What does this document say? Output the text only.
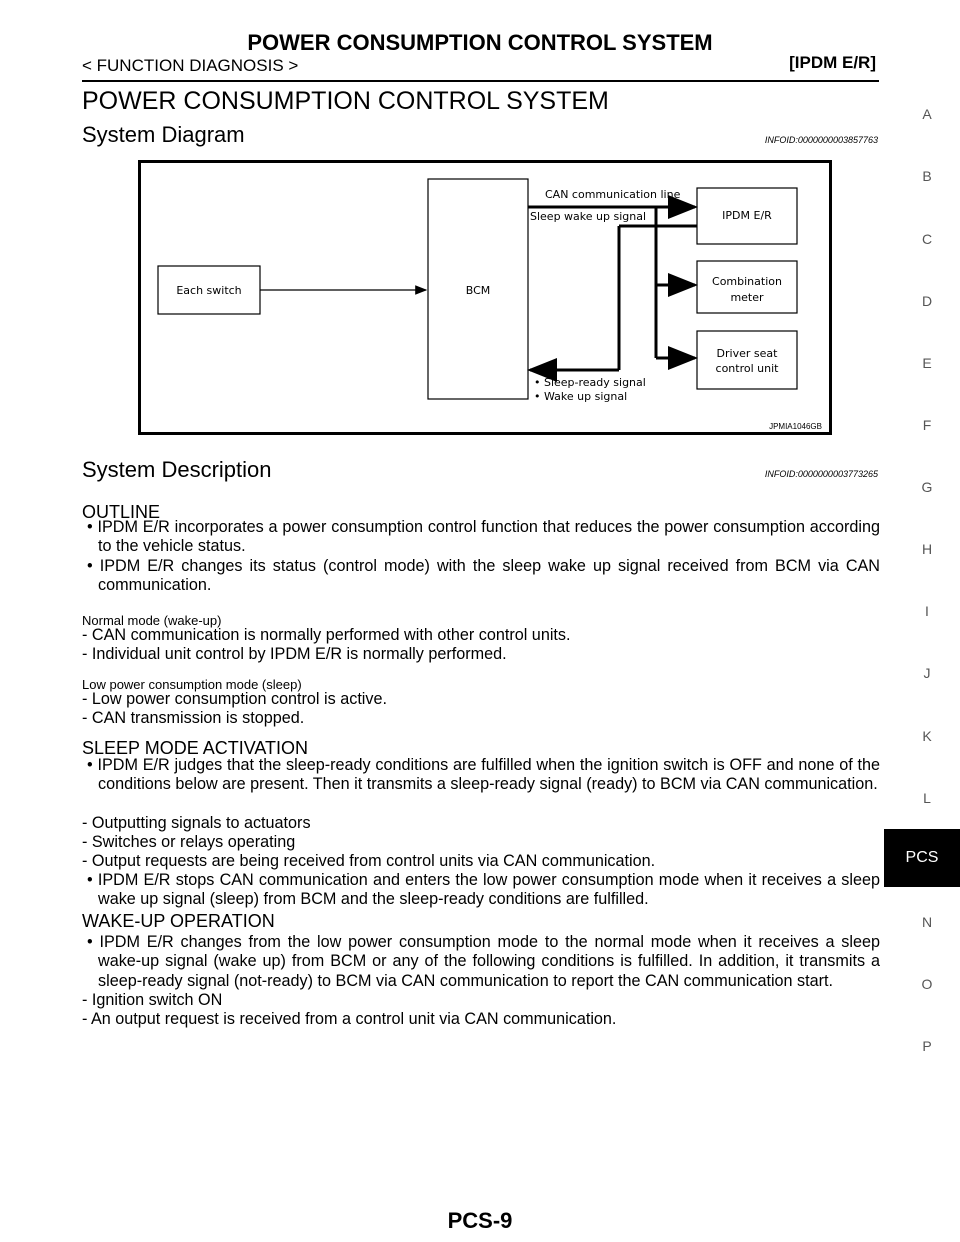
POWER CONSUMPTION CONTROL SYSTEM
< FUNCTION DIAGNOSIS >	[IPDM E/R]
POWER CONSUMPTION CONTROL SYSTEM
System Diagram	INFOID:0000000003857763
Each switch	BCM
CAN communication line
Sleep wake up signal	IPDM E/R
Combination
meter
Driver seat
control unit
• Sleep-ready signal
• Wake up signal
JPMIA1046GB
System Description	INFOID:0000000003773265
OUTLINE
• IPDM E/R incorporates a power consumption control function that reduces the power consumption according to the vehicle status.
• IPDM E/R changes its status (control mode) with the sleep wake up signal received from BCM via CAN communication.
Normal mode (wake-up)
- CAN communication is normally performed with other control units.
- Individual unit control by IPDM E/R is normally performed.
Low power consumption mode (sleep)
- Low power consumption control is active.
- CAN transmission is stopped.
SLEEP MODE ACTIVATION
• IPDM E/R judges that the sleep-ready conditions are fulfilled when the ignition switch is OFF and none of the conditions below are present. Then it transmits a sleep-ready signal (ready) to BCM via CAN communication.
- Outputting signals to actuators
- Switches or relays operating
- Output requests are being received from control units via CAN communication.
• IPDM E/R stops CAN communication and enters the low power consumption mode when it receives a sleep wake up signal (sleep) from BCM and the sleep-ready conditions are fulfilled.
WAKE-UP OPERATION
• IPDM E/R changes from the low power consumption mode to the normal mode when it receives a sleep wake-up signal (wake up) from BCM or any of the following conditions is fulfilled. In addition, it transmits a sleep-ready signal (not-ready) to BCM via CAN communication to report the CAN communication start.
- Ignition switch ON
- An output request is received from a control unit via CAN communication.
A
B
C
D
E
F
G
H
I
J
K
L
N
O
P
PCS
PCS-9
